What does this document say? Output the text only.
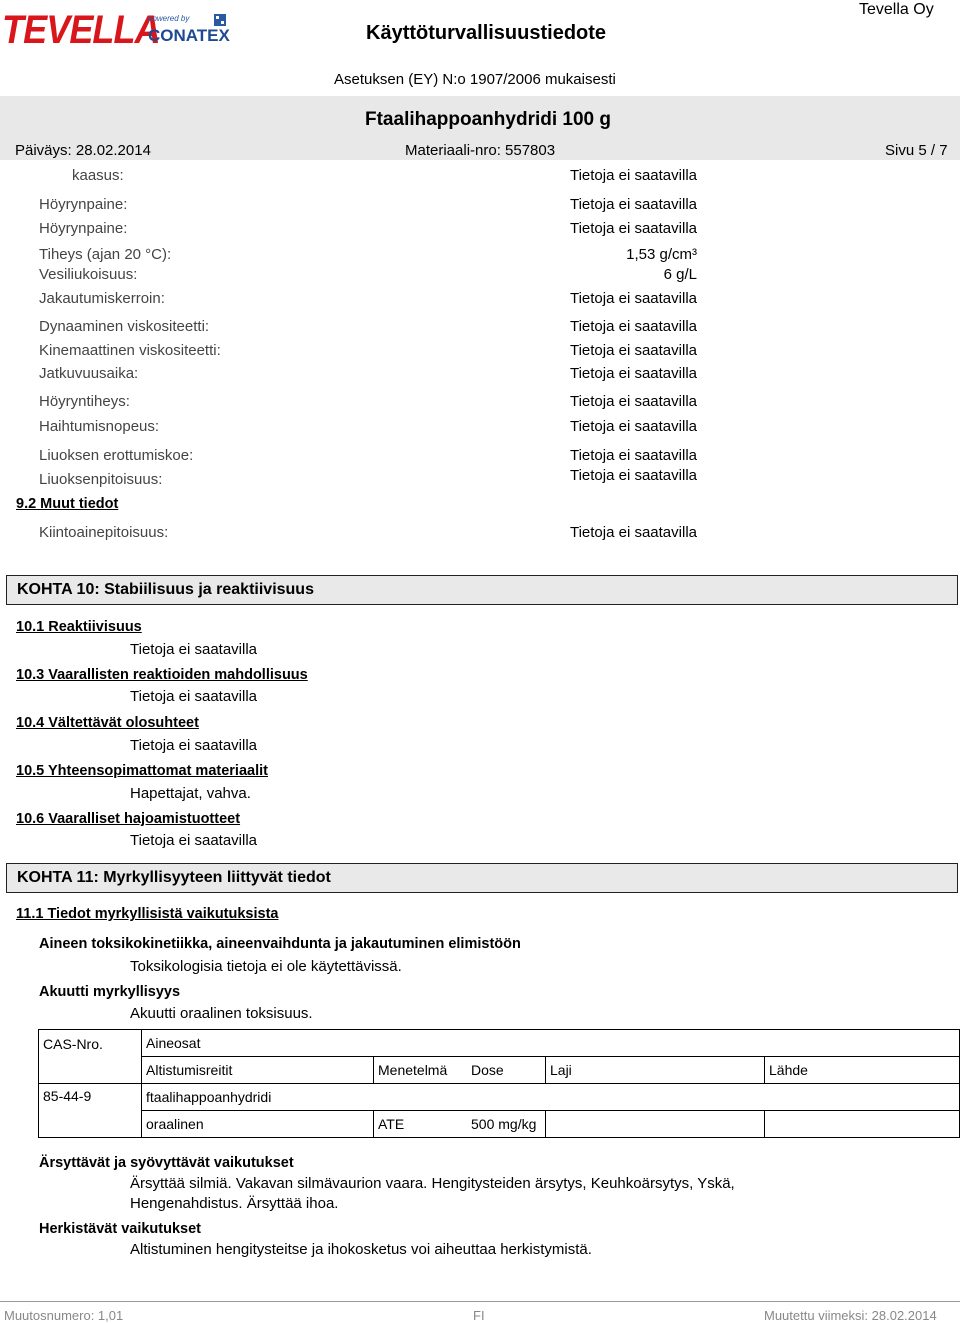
TEVELLA
powered by
CONATEX	Käyttöturvallisuustiedote
Tevella Oy
Asetuksen (EY) N:o 1907/2006 mukaisesti
Ftaalihappoanhydridi 100 g
Päiväys: 28.02.2014	Materiaali-nro: 557803	Sivu 5 / 7
kaasus:	Tietoja ei saatavilla
Höyrynpaine:	Tietoja ei saatavilla
Höyrynpaine:	Tietoja ei saatavilla
Tiheys (ajan 20 °C):	1,53 g/cm³
Vesiliukoisuus:	6 g/L
Jakautumiskerroin:	Tietoja ei saatavilla
Dynaaminen viskositeetti:	Tietoja ei saatavilla
Kinemaattinen viskositeetti:	Tietoja ei saatavilla
Jatkuvuusaika:	Tietoja ei saatavilla
Höyryntiheys:	Tietoja ei saatavilla
Haihtumisnopeus:	Tietoja ei saatavilla
Liuoksen erottumiskoe:	Tietoja ei saatavilla
Liuoksenpitoisuus:	Tietoja ei saatavilla
9.2 Muut tiedot
Kiintoainepitoisuus:	Tietoja ei saatavilla
KOHTA 10: Stabiilisuus ja reaktiivisuus
10.1 Reaktiivisuus
Tietoja ei saatavilla
10.3 Vaarallisten reaktioiden mahdollisuus
Tietoja ei saatavilla
10.4 Vältettävät olosuhteet
Tietoja ei saatavilla
10.5 Yhteensopimattomat materiaalit
Hapettajat, vahva.
10.6 Vaaralliset hajoamistuotteet
Tietoja ei saatavilla
KOHTA 11: Myrkyllisyyteen liittyvät tiedot
11.1 Tiedot myrkyllisistä vaikutuksista
Aineen toksikokinetiikka, aineenvaihdunta ja jakautuminen elimistöön
Toksikologisia tietoja ei ole käytettävissä.
Akuutti myrkyllisyys
Akuutti oraalinen toksisuus.
CAS-Nro.	Aineosat				
	Altistumisreitit	Menetelmä	Dose	Laji	Lähde
85-44-9	ftaalihappoanhydridi				
	oraalinen	ATE	500 mg/kg		
Ärsyttävät ja syövyttävät vaikutukset
Ärsyttää silmiä. Vakavan silmävaurion vaara. Hengitysteiden ärsytys, Keuhkoärsytys, Yskä,
Hengenahdistus. Ärsyttää ihoa.
Herkistävät vaikutukset
Altistuminen hengitysteitse ja ihokosketus voi aiheuttaa herkistymistä.
Muutosnumero: 1,01	FI	Muutettu viimeksi: 28.02.2014
